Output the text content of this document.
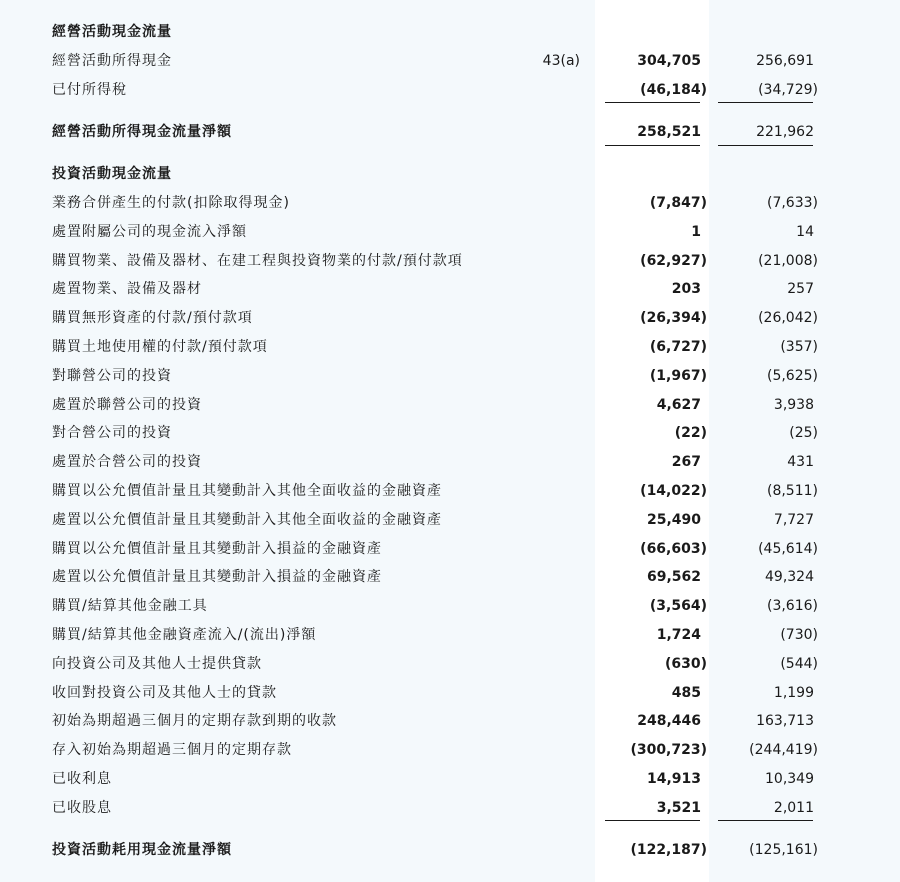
經營活動現金流量
經營活動所得現金	43(a)	304,705	256,691
已付所得稅	(46,184)	(34,729)
經營活動所得現金流量淨額	258,521	221,962
投資活動現金流量
業務合併產生的付款(扣除取得現金)	(7,847)	(7,633)
處置附屬公司的現金流入淨額	1	14
購買物業、設備及器材、在建工程與投資物業的付款/預付款項	(62,927)	(21,008)
處置物業、設備及器材	203	257
購買無形資產的付款/預付款項	(26,394)	(26,042)
購買土地使用權的付款/預付款項	(6,727)	(357)
對聯營公司的投資	(1,967)	(5,625)
處置於聯營公司的投資	4,627	3,938
對合營公司的投資	(22)	(25)
處置於合營公司的投資	267	431
購買以公允價值計量且其變動計入其他全面收益的金融資產	(14,022)	(8,511)
處置以公允價值計量且其變動計入其他全面收益的金融資產	25,490	7,727
購買以公允價值計量且其變動計入損益的金融資產	(66,603)	(45,614)
處置以公允價值計量且其變動計入損益的金融資產	69,562	49,324
購買/結算其他金融工具	(3,564)	(3,616)
購買/結算其他金融資產流入/(流出)淨額	1,724	(730)
向投資公司及其他人士提供貸款	(630)	(544)
收回對投資公司及其他人士的貸款	485	1,199
初始為期超過三個月的定期存款到期的收款	248,446	163,713
存入初始為期超過三個月的定期存款	(300,723)	(244,419)
已收利息	14,913	10,349
已收股息	3,521	2,011
投資活動耗用現金流量淨額	(122,187)	(125,161)
